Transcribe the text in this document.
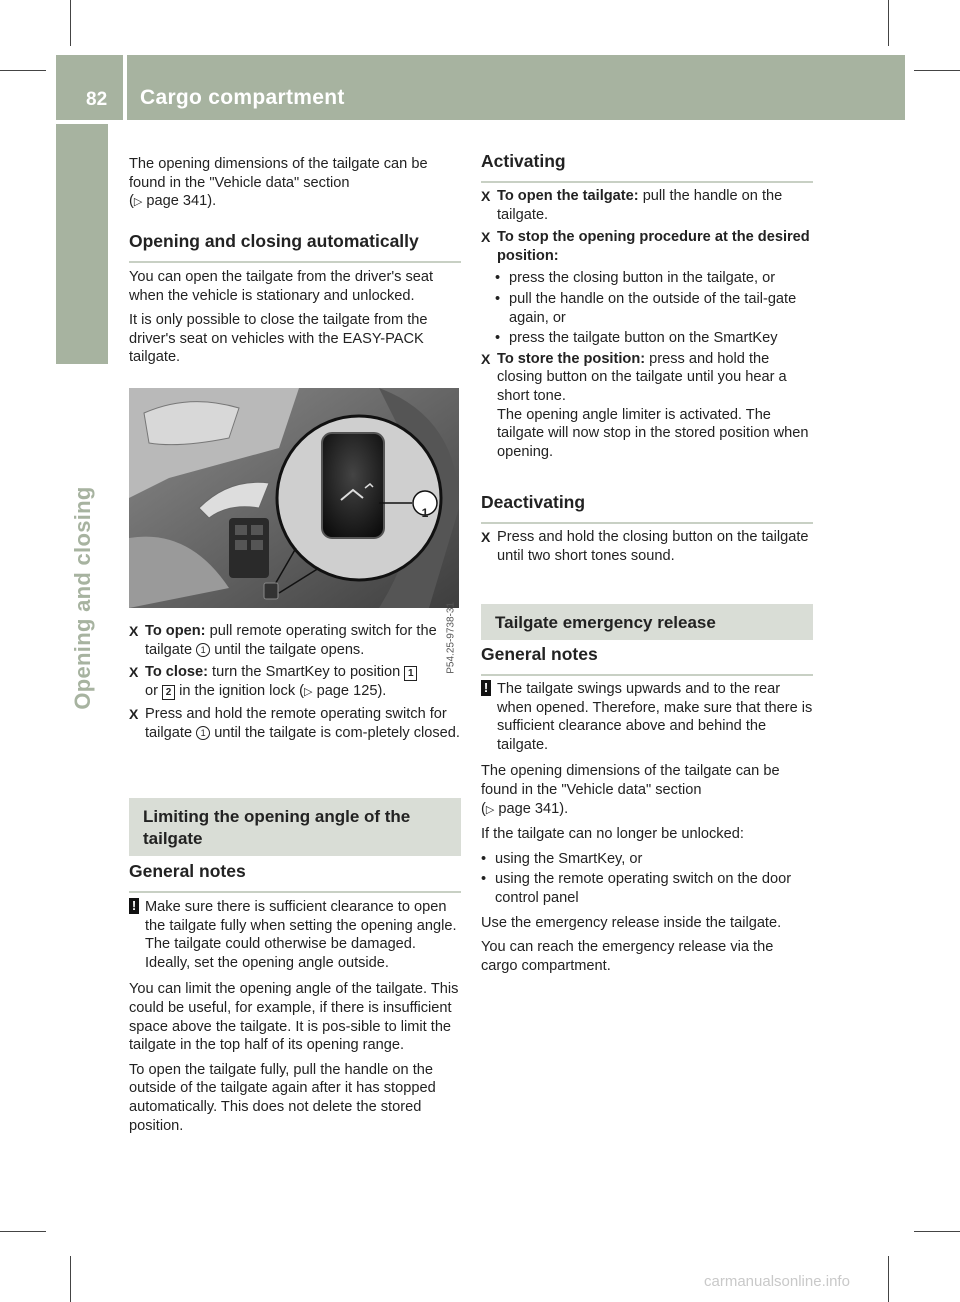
82 Cargo compartment
Opening and closing

The opening dimensions of the tailgate can be found in the "Vehicle data" section
(▷ page 341).

Opening and closing automatically

You can open the tailgate from the driver's seat when the vehicle is stationary and unlocked.

It is only possible to close the tailgate from the driver's seat on vehicles with the EASY-PACK tailgate.

1
P54.25-9738-31
X To open: pull remote operating switch for the tailgate 1 until the tailgate opens.
X To close: turn the SmartKey to position 1
or 2 in the ignition lock (▷ page 125).
X Press and hold the remote operating switch for tailgate 1 until the tailgate is com-pletely closed.
Limiting the opening angle of the tailgate
General notes
! Make sure there is sufficient clearance to open the tailgate fully when setting the opening angle. The tailgate could otherwise be damaged. Ideally, set the opening angle outside.

You can limit the opening angle of the tailgate. This could be useful, for example, if there is insufficient space above the tailgate. It is pos-sible to limit the tailgate in the top half of its opening range.

To open the tailgate fully, pull the handle on the outside of the tailgate again after it has stopped automatically. This does not delete the stored position.

Activating
X To open the tailgate: pull the handle on the tailgate.
X To stop the opening procedure at the desired position:
• press the closing button in the tailgate, or
• pull the handle on the outside of the tail-gate again, or
• press the tailgate button on the SmartKey
X To store the position: press and hold the closing button on the tailgate until you hear a short tone.
The opening angle limiter is activated. The tailgate will now stop in the stored position when opening.
Deactivating
X Press and hold the closing button on the tailgate until two short tones sound.
Tailgate emergency release
General notes
! The tailgate swings upwards and to the rear when opened. Therefore, make sure that there is sufficient clearance above and behind the tailgate.

The opening dimensions of the tailgate can be found in the "Vehicle data" section
(▷ page 341).

If the tailgate can no longer be unlocked:

• using the SmartKey, or
• using the remote operating switch on the door control panel

Use the emergency release inside the tailgate.

You can reach the emergency release via the cargo compartment.

carmanualsonline.info
